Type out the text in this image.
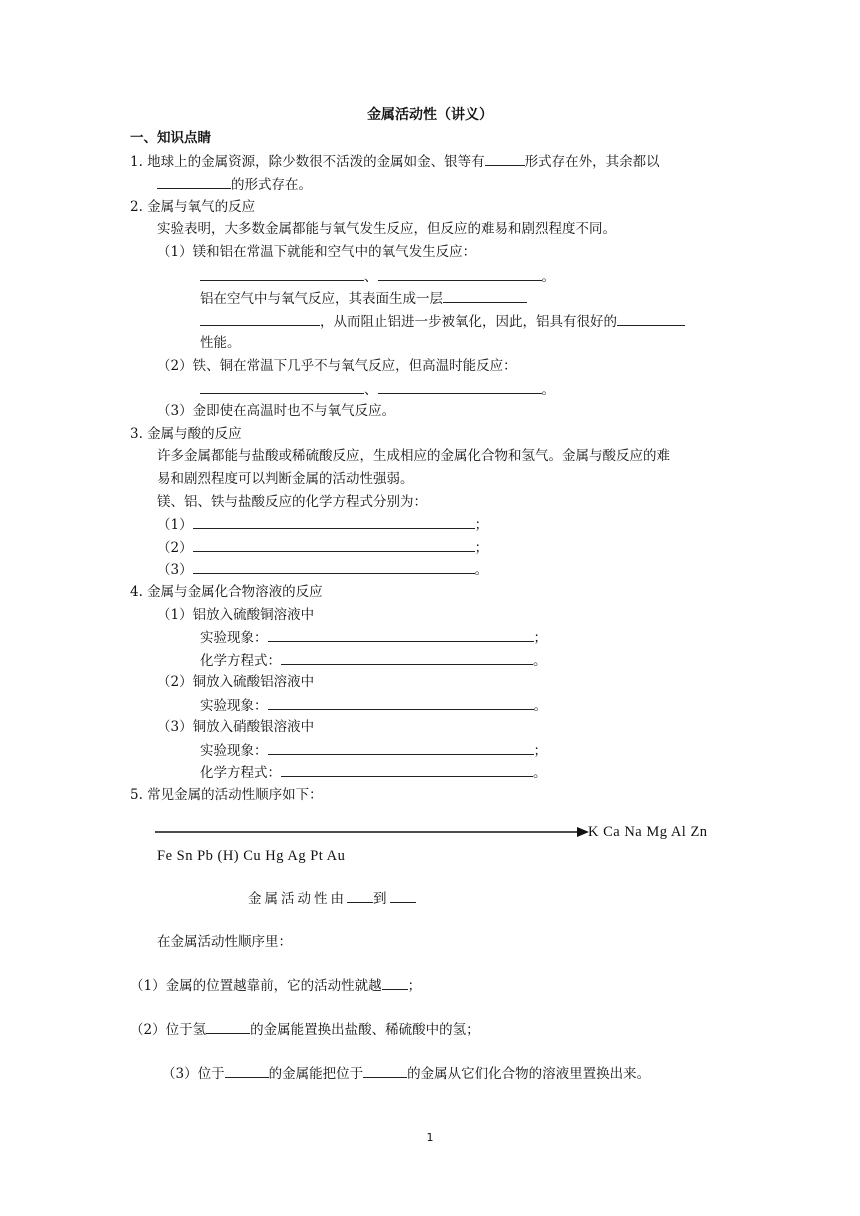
金属活动性（讲义）
一、知识点睛
1. 地球上的金属资源，除少数很不活泼的金属如金、银等有	形式存在外，其余都以
的形式存在。
2. 金属与氧气的反应
实验表明，大多数金属都能与氧气发生反应，但反应的难易和剧烈程度不同。
（1）镁和铝在常温下就能和空气中的氧气发生反应：
、	。
铝在空气中与氧气反应，其表面生成一层
，从而阻止铝进一步被氧化，因此，铝具有很好的
性能。
（2）铁、铜在常温下几乎不与氧气反应，但高温时能反应：
、	。
（3）金即使在高温时也不与氧气反应。
3. 金属与酸的反应
许多金属都能与盐酸或稀硫酸反应，生成相应的金属化合物和氢气。金属与酸反应的难
易和剧烈程度可以判断金属的活动性强弱。
镁、铝、铁与盐酸反应的化学方程式分别为：
（1）	；
（2）	；
（3）	。
4. 金属与金属化合物溶液的反应
（1）铝放入硫酸铜溶液中
实验现象：	；
化学方程式：	。
（2）铜放入硫酸铝溶液中
实验现象：	。
（3）铜放入硝酸银溶液中
实验现象：	；
化学方程式：	。
5. 常见金属的活动性顺序如下：
K Ca Na Mg Al Zn
Fe Sn Pb (H) Cu Hg Ag Pt Au
金属活动性由 到
在金属活动性顺序里：
（1）金属的位置越靠前，它的活动性就越 ；
（2）位于氢	的金属能置换出盐酸、稀硫酸中的氢；
（3）位于	的金属能把位于	的金属从它们化合物的溶液里置换出来。
1
